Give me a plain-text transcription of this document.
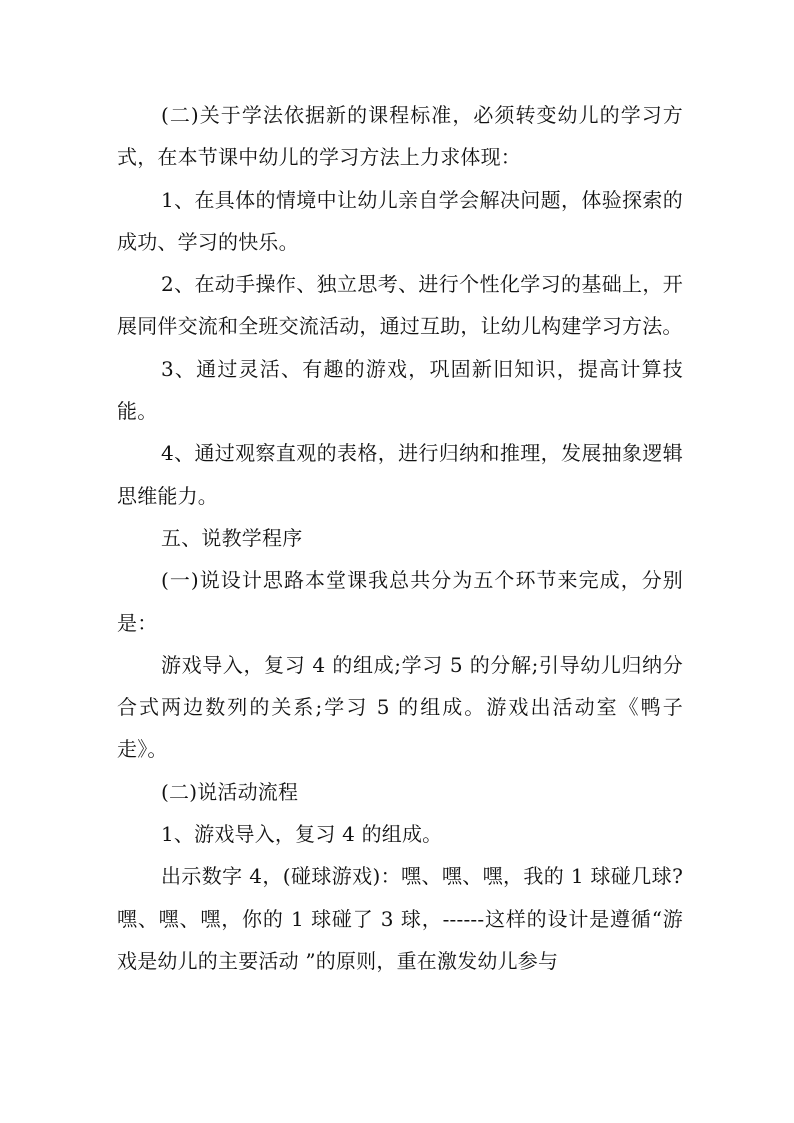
(二)关于学法依据新的课程标准，必须转变幼儿的学习方式，在本节课中幼儿的学习方法上力求体现：

1、在具体的情境中让幼儿亲自学会解决问题，体验探索的成功、学习的快乐。

2、在动手操作、独立思考、进行个性化学习的基础上，开展同伴交流和全班交流活动，通过互助，让幼儿构建学习方法。

3、通过灵活、有趣的游戏，巩固新旧知识，提高计算技能。

4、通过观察直观的表格，进行归纳和推理，发展抽象逻辑思维能力。

五、说教学程序

(一)说设计思路本堂课我总共分为五个环节来完成，分别是：

游戏导入，复习 4 的组成;学习 5 的分解;引导幼儿归纳分合式两边数列的关系;学习 5 的组成。游戏出活动室《鸭子走》。

(二)说活动流程

1、游戏导入，复习 4 的组成。

出示数字 4，(碰球游戏)：嘿、嘿、嘿，我的 1 球碰几球?嘿、嘿、嘿，你的 1 球碰了 3 球，------这样的设计是遵循“游戏是幼儿的主要活动 ”的原则，重在激发幼儿参与
